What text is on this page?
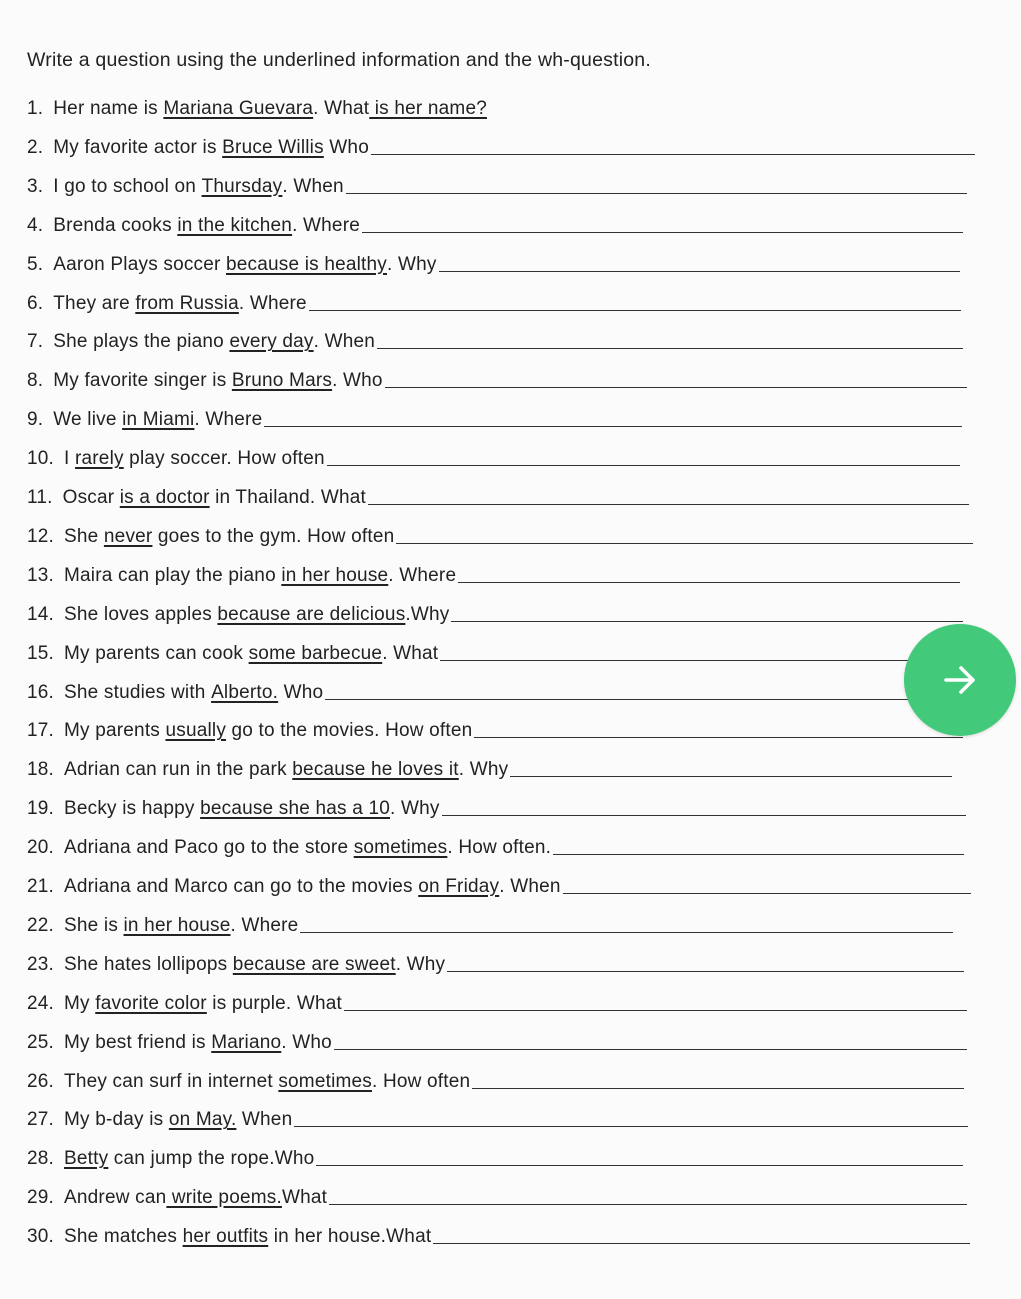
Write a question using the underlined information and the wh-question.
1. Her name is Mariana Guevara . What is her name?
2. My favorite actor is Bruce Willis Who
3. I go to school on Thursday . When
4. Brenda cooks in the kitchen . Where
5. Aaron Plays soccer because is healthy . Why
6. They are from Russia . Where
7. She plays the piano every day . When
8. My favorite singer is Bruno Mars . Who
9. We live in Miami . Where
10. I rarely play soccer. How often
11. Oscar is a doctor in Thailand. What
12. She never goes to the gym. How often
13. Maira can play the piano in her house . Where
14. She loves apples because are delicious .Why
15. My parents can cook some barbecue . What
16. She studies with Alberto. Who
17. My parents usually go to the movies. How often
18. Adrian can run in the park because he loves it . Why
19. Becky is happy because she has a 10 . Why
20. Adriana and Paco go to the store sometimes . How often.
21. Adriana and Marco can go to the movies on Friday . When
22. She is in her house . Where
23. She hates lollipops because are sweet . Why
24. My favorite color is purple. What
25. My best friend is Mariano . Who
26. They can surf in internet sometimes . How often
27. My b-day is on May. When
28. Betty can jump the rope.Who
29. Andrew can write poems. What
30. She matches her outfits in her house.What
